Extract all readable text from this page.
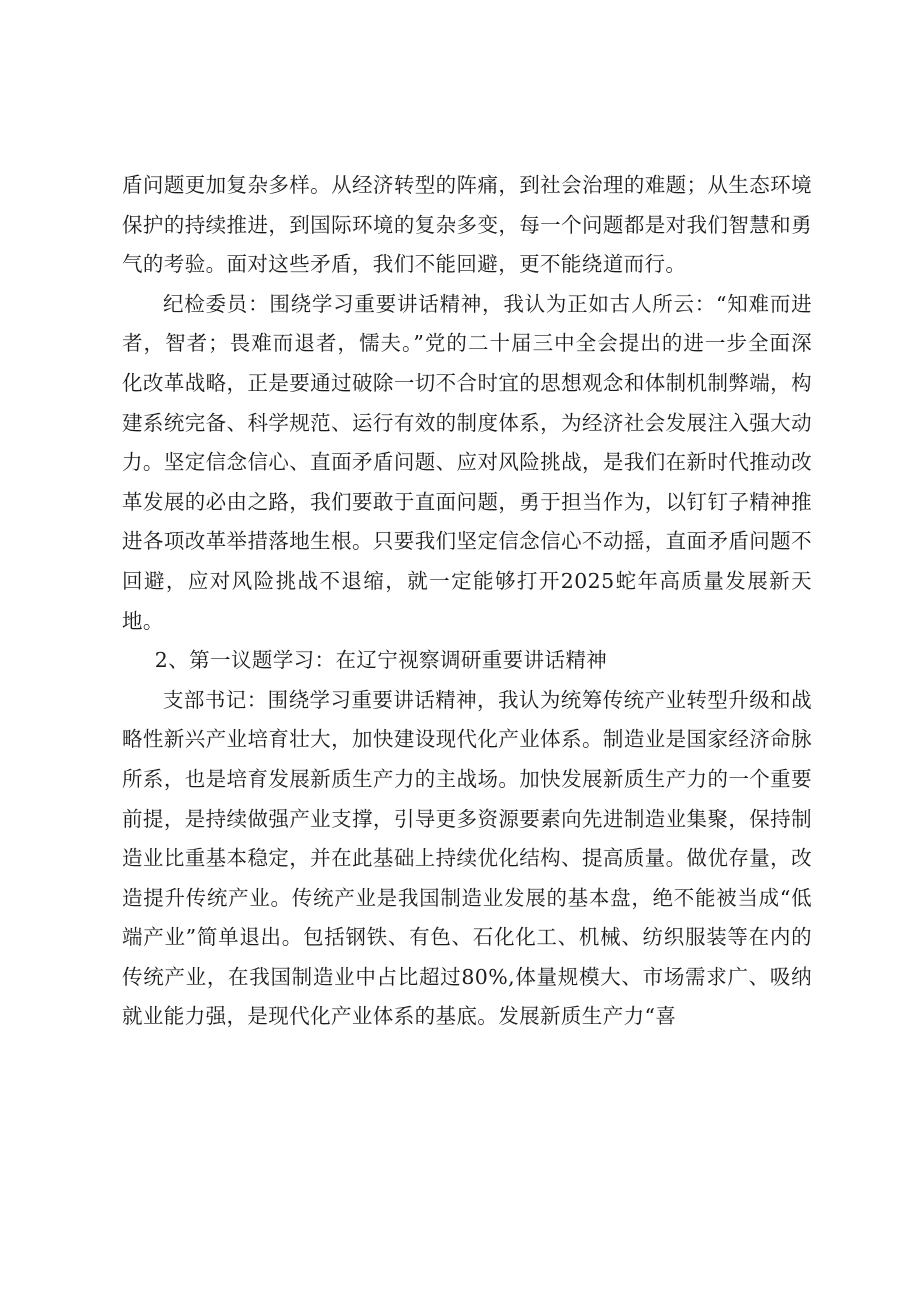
盾问题更加复杂多样。从经济转型的阵痛，到社会治理的难题；从生态环境保护的持续推进，到国际环境的复杂多变，每一个问题都是对我们智慧和勇气的考验。面对这些矛盾，我们不能回避，更不能绕道而行。

纪检委员：围绕学习重要讲话精神，我认为正如古人所云：“知难而进者，智者；畏难而退者，懦夫。”党的二十届三中全会提出的进一步全面深化改革战略，正是要通过破除一切不合时宜的思想观念和体制机制弊端，构建系统完备、科学规范、运行有效的制度体系，为经济社会发展注入强大动力。坚定信念信心、直面矛盾问题、应对风险挑战，是我们在新时代推动改革发展的必由之路，我们要敢于直面问题，勇于担当作为，以钉钉子精神推进各项改革举措落地生根。只要我们坚定信念信心不动摇，直面矛盾问题不回避，应对风险挑战不退缩，就一定能够打开2025蛇年高质量发展新天地。

2、第一议题学习：在辽宁视察调研重要讲话精神

支部书记：围绕学习重要讲话精神，我认为统筹传统产业转型升级和战略性新兴产业培育壮大，加快建设现代化产业体系。制造业是国家经济命脉所系，也是培育发展新质生产力的主战场。加快发展新质生产力的一个重要前提，是持续做强产业支撑，引导更多资源要素向先进制造业集聚，保持制造业比重基本稳定，并在此基础上持续优化结构、提高质量。做优存量，改造提升传统产业。传统产业是我国制造业发展的基本盘，绝不能被当成“低端产业”简单退出。包括钢铁、有色、石化化工、机械、纺织服装等在内的传统产业，在我国制造业中占比超过80%,体量规模大、市场需求广、吸纳就业能力强，是现代化产业体系的基底。发展新质生产力“喜
